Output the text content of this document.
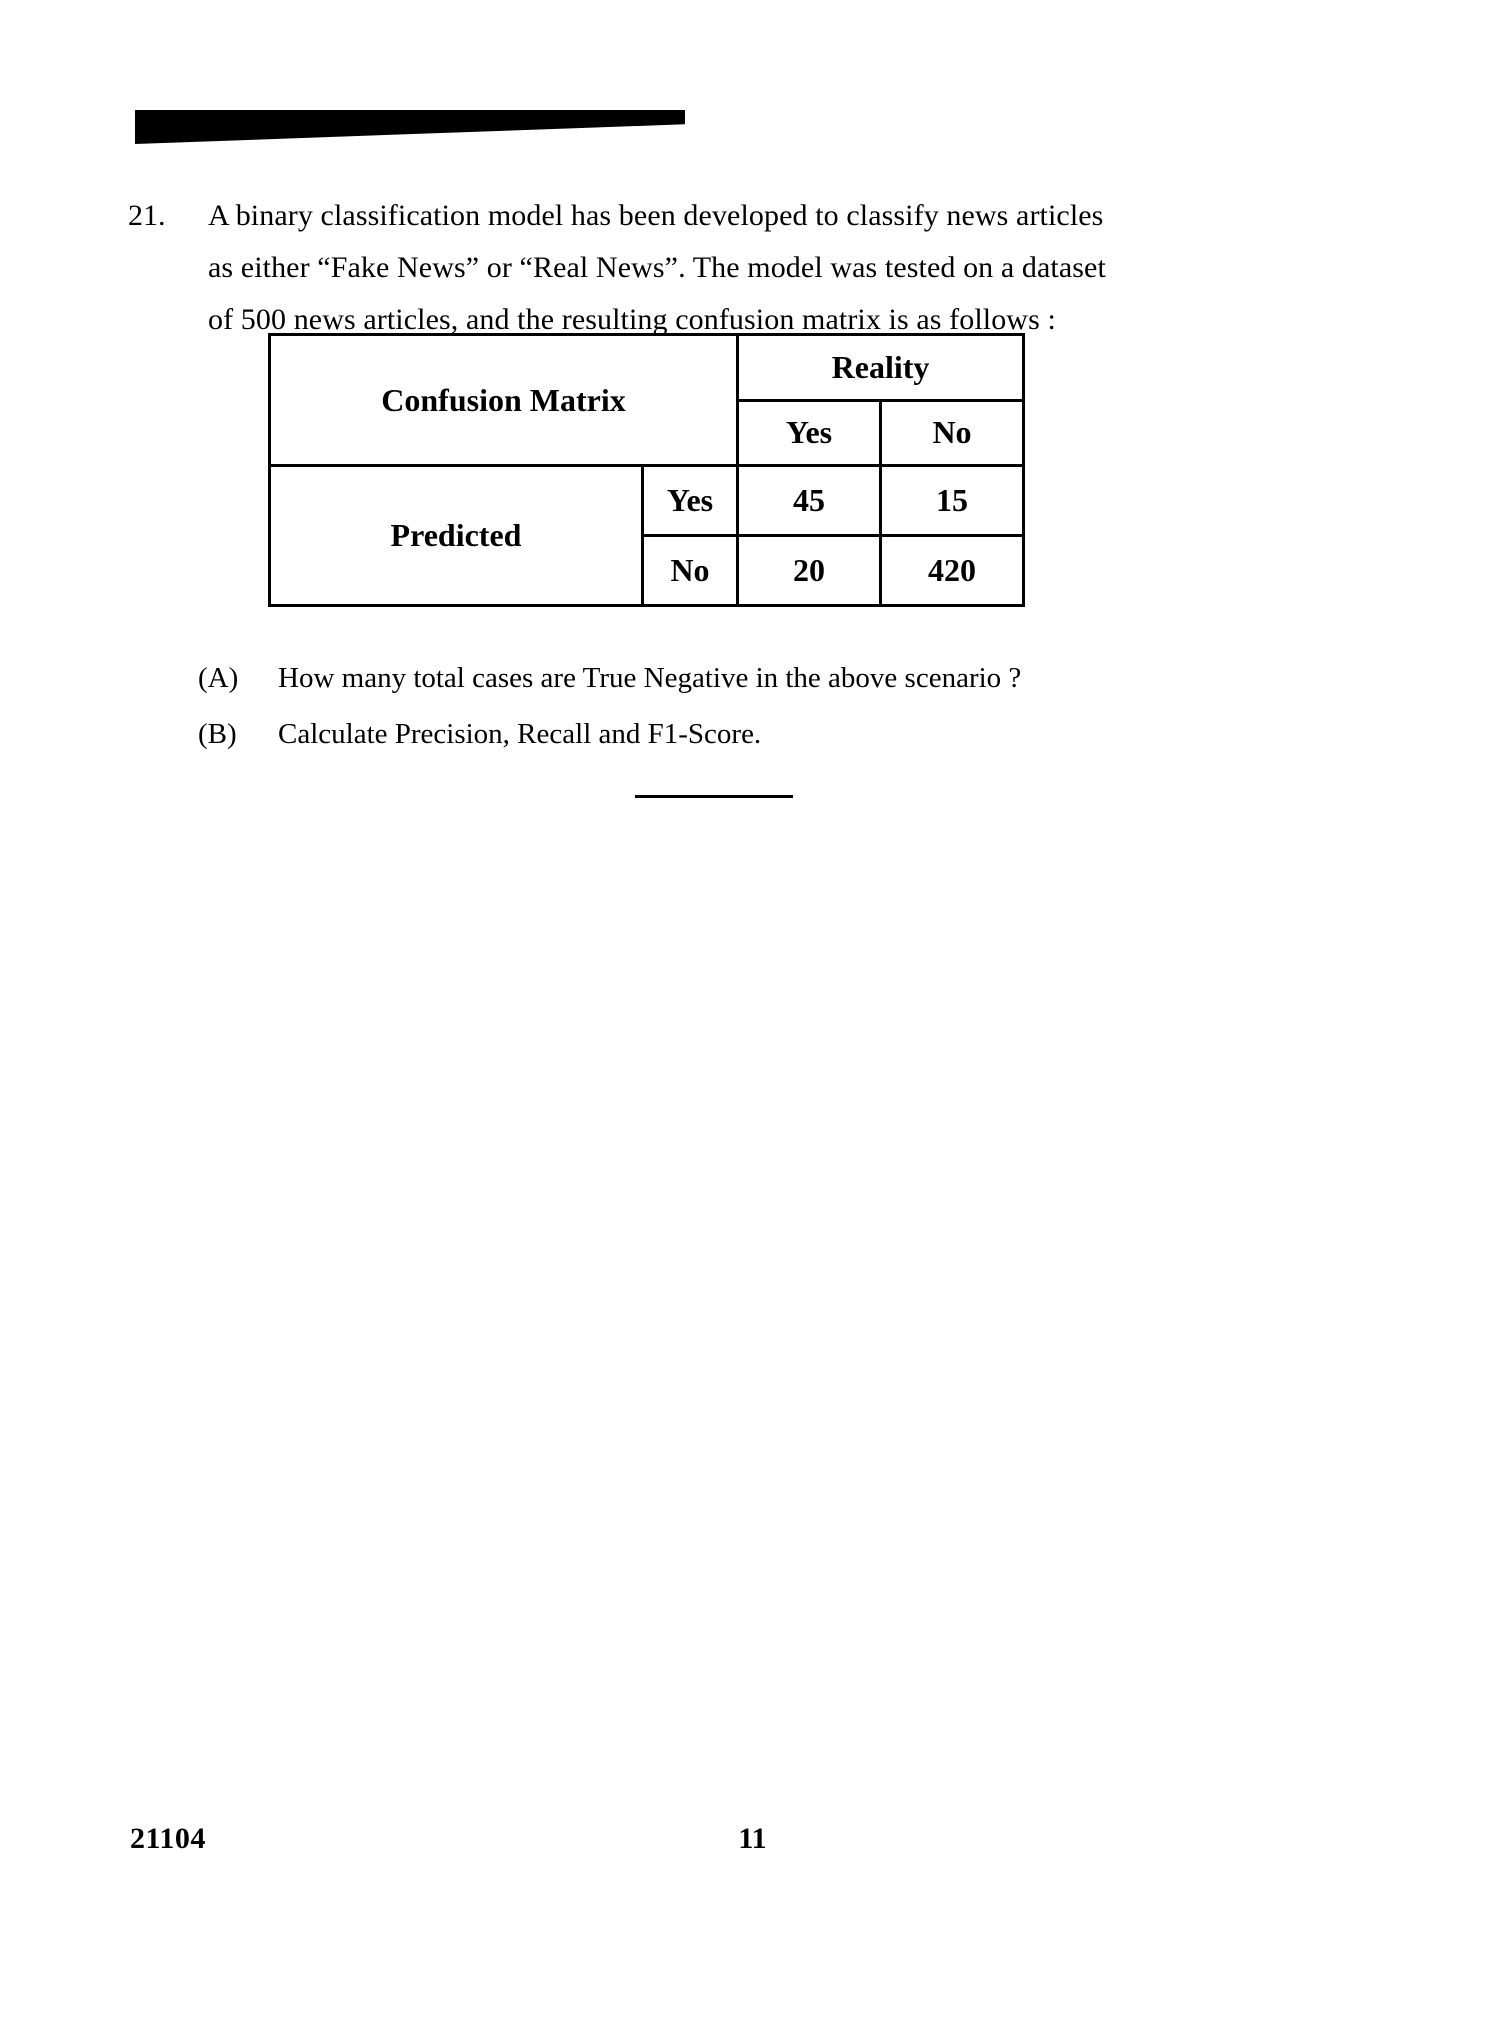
21.	A binary classification model has been developed to classify news articles
as either “Fake News” or “Real News”. The model was tested on a dataset
of 500 news articles, and the resulting confusion matrix is as follows :
Confusion Matrix		Reality	
		Yes	No
Predicted	Yes	45	15
	No	20	420
(A)	How many total cases are True Negative in the above scenario ?
(B)	Calculate Precision, Recall and F1-Score.
21104	11
